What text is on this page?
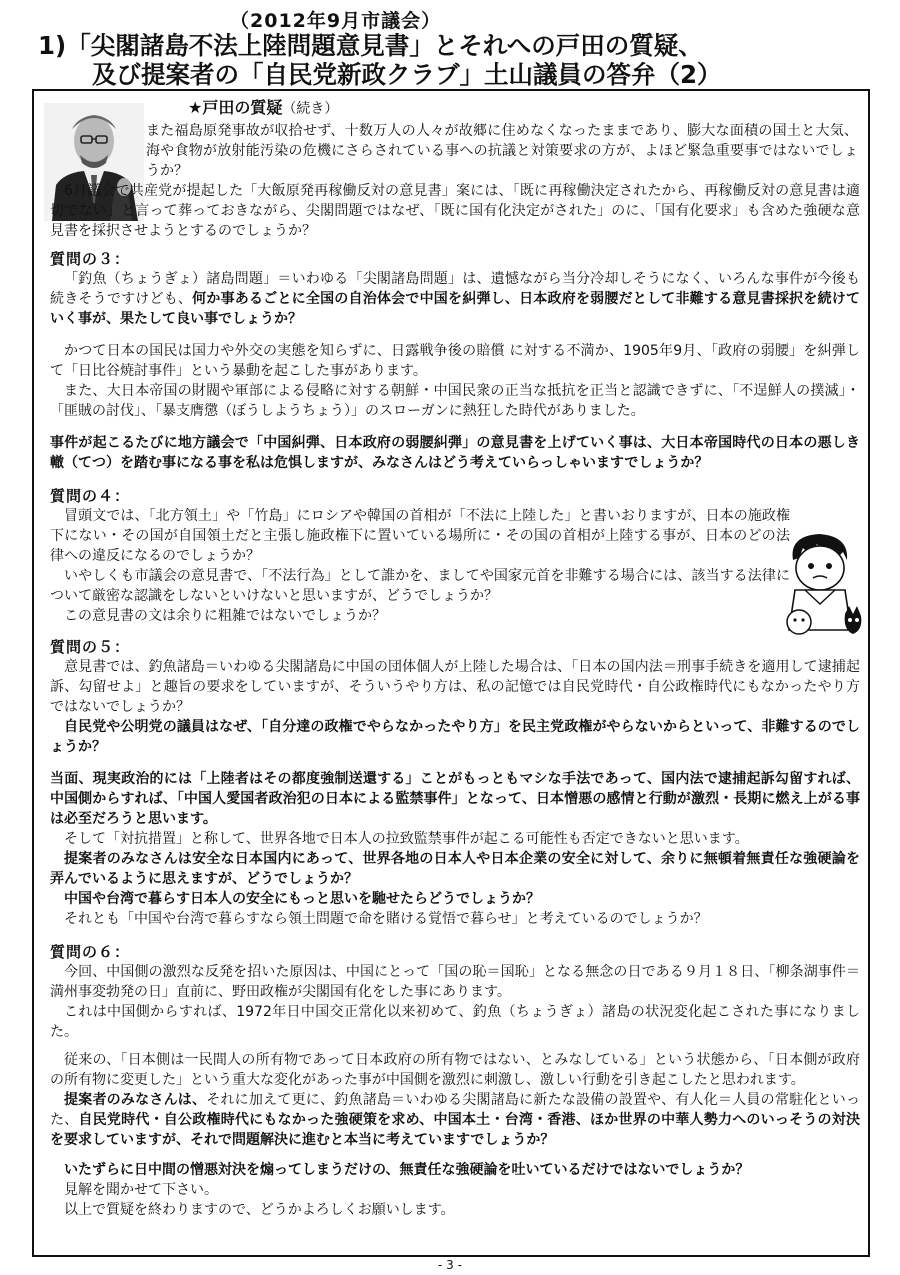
（2012年9月市議会）
1)「尖閣諸島不法上陸問題意見書」とそれへの戸田の質疑、
及び提案者の「自民党新政クラブ」土山議員の答弁（2）
★戸田の質疑（続き）

また福島原発事故が収拾せず、十数万人の人々が故郷に住めなくなったままであり、膨大な面積の国土と大気、海や食物が放射能汚染の危機にさらされている事への抗議と対策要求の方が、よほど緊急重要事ではないでしょうか？

6月議会で共産党が提起した「大飯原発再稼働反対の意見書」案には、「既に再稼働決定されたから、再稼働反対の意見書は適切でない」と言って葬っておきながら、尖閣問題ではなぜ、「既に国有化決定がされた」のに、「国有化要求」も含めた強硬な意見書を採択させようとするのでしょうか？

質問の３：

「釣魚（ちょうぎょ）諸島問題」＝いわゆる「尖閣諸島問題」は、遺憾ながら当分冷却しそうになく、いろんな事件が今後も続きそうですけども、何か事あるごとに全国の自治体会で中国を糾弾し、日本政府を弱腰だとして非難する意見書採択を続けていく事が、果たして良い事でしょうか？

かつて日本の国民は国力や外交の実態を知らずに、日露戦争後の賠償 に対する不満か、1905年9月、「政府の弱腰」を糾弾して「日比谷焼討事件」という暴動を起こした事があります。

また、大日本帝国の財閥や軍部による侵略に対する朝鮮・中国民衆の正当な抵抗を正当と認識できずに、「不逞鮮人の撲滅」・「匪賊の討伐」、「暴支膺懲（ぼうしようちょう）」のスローガンに熱狂した時代がありました。

事件が起こるたびに地方議会で「中国糾弾、日本政府の弱腰糾弾」の意見書を上げていく事は、大日本帝国時代の日本の悪しき轍（てつ）を踏む事になる事を私は危惧しますが、みなさんはどう考えていらっしゃいますでしょうか？

質問の４：

冒頭文では、「北方領土」や「竹島」にロシアや韓国の首相が「不法に上陸した」と書いおりますが、日本の施政権下にない・その国が自国領土だと主張し施政権下に置いている場所に・その国の首相が上陸する事が、日本のどの法律への違反になるのでしょうか？

いやしくも市議会の意見書で、「不法行為」として誰かを、ましてや国家元首を非難する場合には、該当する法律について厳密な認識をしないといけないと思いますが、どうでしょうか？

この意見書の文は余りに粗雑ではないでしょうか？

質問の５：

意見書では、釣魚諸島＝いわゆる尖閣諸島に中国の団体個人が上陸した場合は、「日本の国内法＝刑事手続きを適用して逮捕起訴、勾留せよ」と趣旨の要求をしていますが、そういうやり方は、私の記憶では自民党時代・自公政権時代にもなかったやり方ではないでしょうか？

自民党や公明党の議員はなぜ、「自分達の政権でやらなかったやり方」を民主党政権がやらないからといって、非難するのでしょうか？

当面、現実政治的には「上陸者はその都度強制送還する」ことがもっともマシな手法であって、国内法で逮捕起訴勾留すれば、中国側からすれば、「中国人愛国者政治犯の日本による監禁事件」となって、日本憎悪の感情と行動が激烈・長期に燃え上がる事は必至だろうと思います。

そして「対抗措置」と称して、世界各地で日本人の拉致監禁事件が起こる可能性も否定できないと思います。

提案者のみなさんは安全な日本国内にあって、世界各地の日本人や日本企業の安全に対して、余りに無頓着無責任な強硬論を弄んでいるように思えますが、どうでしょうか？

中国や台湾で暮らす日本人の安全にもっと思いを馳せたらどうでしょうか？

それとも「中国や台湾で暮らすなら領土問題で命を賭ける覚悟で暮らせ」と考えているのでしょうか？

質問の６：

今回、中国側の激烈な反発を招いた原因は、中国にとって「国の恥＝国恥」となる無念の日である９月１８日、「柳条湖事件＝満州事変勃発の日」直前に、野田政権が尖閣国有化をした事にあります。

これは中国側からすれば、1972年日中国交正常化以来初めて、釣魚（ちょうぎょ）諸島の状況変化起こされた事になりました。

従来の、「日本側は一民間人の所有物であって日本政府の所有物ではない、とみなしている」という状態から、「日本側が政府の所有物に変更した」という重大な変化があった事が中国側を激烈に刺激し、激しい行動を引き起こしたと思われます。

提案者のみなさんは、それに加えて更に、釣魚諸島＝いわゆる尖閣諸島に新たな設備の設置や、有人化＝人員の常駐化といった、自民党時代・自公政権時代にもなかった強硬策を求め、中国本土・台湾・香港、ほか世界の中華人勢力へのいっそうの対決を要求していますが、それで問題解決に進むと本当に考えていますでしょうか？

いたずらに日中間の憎悪対決を煽ってしまうだけの、無責任な強硬論を吐いているだけではないでしょうか？

見解を聞かせて下さい。

以上で質疑を終わりますので、どうかよろしくお願いします。

- 3 -
